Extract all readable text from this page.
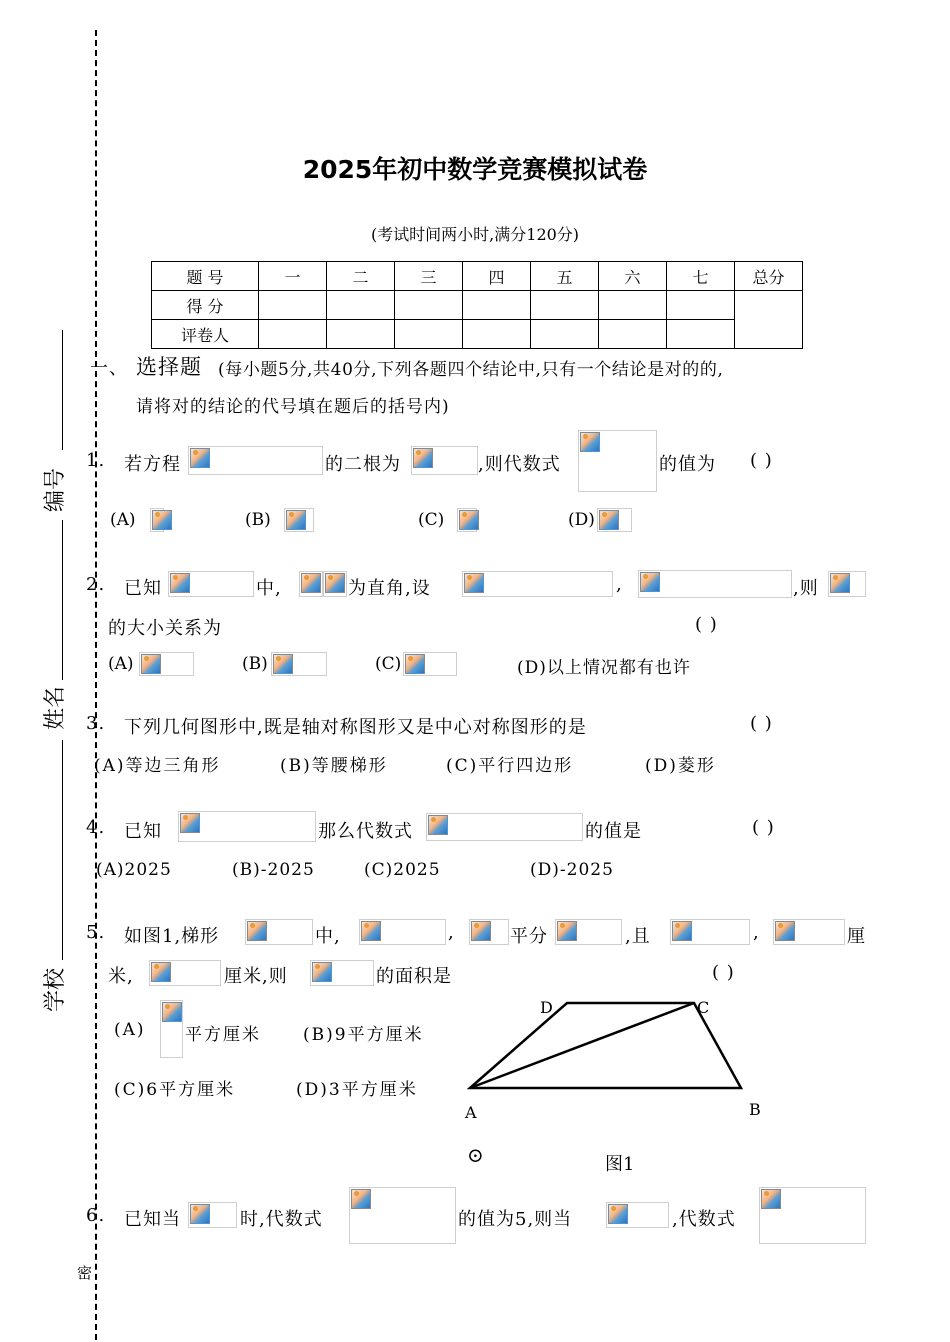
编号
姓名
学校
密
2025年初中数学竞赛模拟试卷
(考试时间两小时,满分120分)
题 号	一	二	三	四	五	六	七	总分
得 分								
评卷人								
一、 选择题 (每小题5分,共40分,下列各题四个结论中,只有一个结论是对的的,
请将对的结论的代号填在题后的括号内)
1. 若方程	的二根为	,则代数式	的值为 ( )
(A)	(B)	(C)	(D)
2. 已知	中,	为直角,设	,	,则
的大小关系为	( )
(A)	(B)	(C)	(D)以上情况都有也许
3. 下列几何图形中,既是轴对称图形又是中心对称图形的是	( )
(A)等边三角形	(B)等腰梯形	(C)平行四边形	(D)菱形
4. 已知	那么代数式	的值是	( )
(A)2025	(B)-2025	(C)2025	(D)-2025
5. 如图1,梯形	中,	,	平分	,且	,	厘
米,	厘米,则	的面积是	( )
(A) 平方厘米 (B)9平方厘米
(C)6平方厘米	(D)3平方厘米
D	C
A	B
⊙	图1
6. 已知当	时,代数式	的值为5,则当	,代数式
